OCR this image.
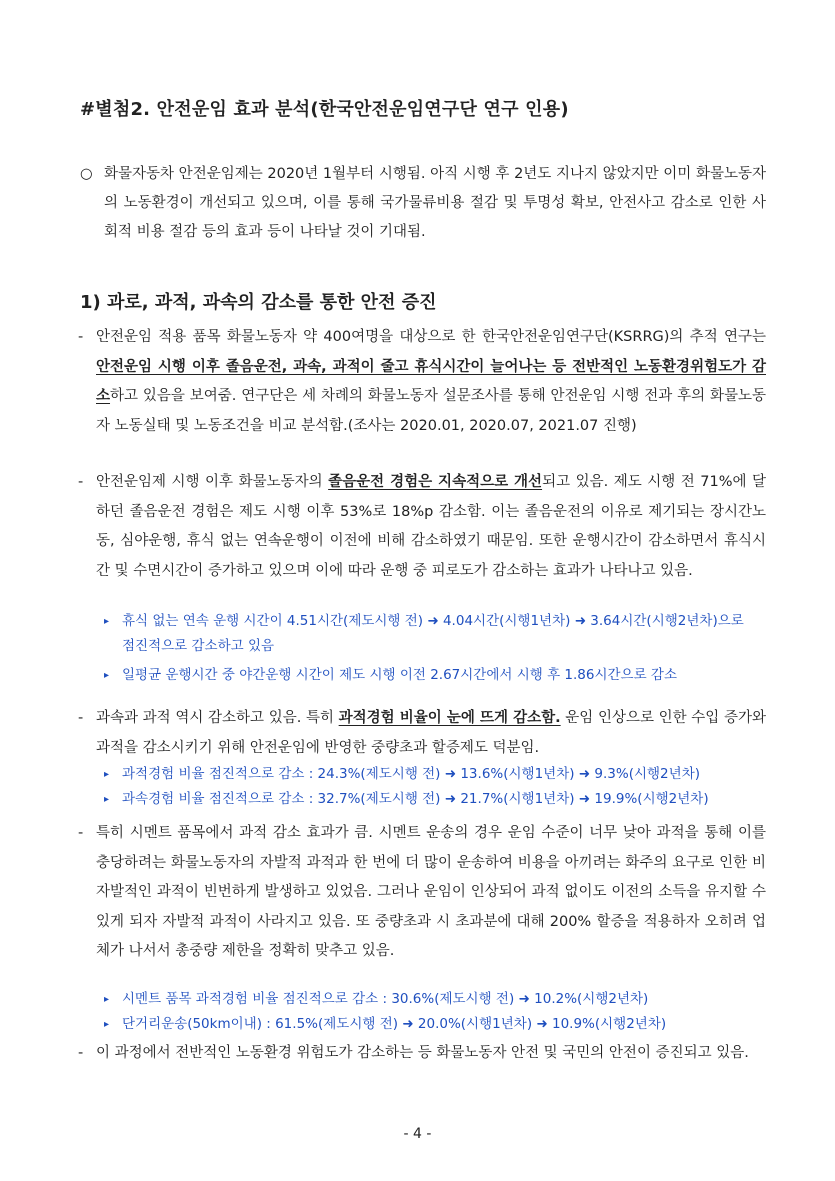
#별첨2. 안전운임 효과 분석(한국안전운임연구단 연구 인용)
○ 화물자동차 안전운임제는 2020년 1월부터 시행됨. 아직 시행 후 2년도 지나지 않았지만 이미 화물노동자의 노동환경이 개선되고 있으며, 이를 통해 국가물류비용 절감 및 투명성 확보, 안전사고 감소로 인한 사회적 비용 절감 등의 효과 등이 나타날 것이 기대됨.
1) 과로, 과적, 과속의 감소를 통한 안전 증진
- 안전운임 적용 품목 화물노동자 약 400여명을 대상으로 한 한국안전운임연구단(KSRRG)의 추적 연구는 안전운임 시행 이후 졸음운전, 과속, 과적이 줄고 휴식시간이 늘어나는 등 전반적인 노동환경위험도가 감소하고 있음을 보여줌. 연구단은 세 차례의 화물노동자 설문조사를 통해 안전운임 시행 전과 후의 화물노동자 노동실태 및 노동조건을 비교 분석함.(조사는 2020.01, 2020.07, 2021.07 진행)
- 안전운임제 시행 이후 화물노동자의 졸음운전 경험은 지속적으로 개선되고 있음. 제도 시행 전 71%에 달하던 졸음운전 경험은 제도 시행 이후 53%로 18%p 감소함. 이는 졸음운전의 이유로 제기되는 장시간노동, 심야운행, 휴식 없는 연속운행이 이전에 비해 감소하였기 때문임. 또한 운행시간이 감소하면서 휴식시간 및 수면시간이 증가하고 있으며 이에 따라 운행 중 피로도가 감소하는 효과가 나타나고 있음.
▸ 휴식 없는 연속 운행 시간이 4.51시간(제도시행 전) ➜ 4.04시간(시행1년차) ➜ 3.64시간(시행2년차)으로 점진적으로 감소하고 있음
▸ 일평균 운행시간 중 야간운행 시간이 제도 시행 이전 2.67시간에서 시행 후 1.86시간으로 감소
- 과속과 과적 역시 감소하고 있음. 특히 과적경험 비율이 눈에 뜨게 감소함. 운임 인상으로 인한 수입 증가와 과적을 감소시키기 위해 안전운임에 반영한 중량초과 할증제도 덕분임.
▸ 과적경험 비율 점진적으로 감소 : 24.3%(제도시행 전) ➜ 13.6%(시행1년차) ➜ 9.3%(시행2년차)
▸ 과속경험 비율 점진적으로 감소 : 32.7%(제도시행 전) ➜ 21.7%(시행1년차) ➜ 19.9%(시행2년차)
- 특히 시멘트 품목에서 과적 감소 효과가 큼. 시멘트 운송의 경우 운임 수준이 너무 낮아 과적을 통해 이를 충당하려는 화물노동자의 자발적 과적과 한 번에 더 많이 운송하여 비용을 아끼려는 화주의 요구로 인한 비자발적인 과적이 빈번하게 발생하고 있었음. 그러나 운임이 인상되어 과적 없이도 이전의 소득을 유지할 수 있게 되자 자발적 과적이 사라지고 있음. 또 중량초과 시 초과분에 대해 200% 할증을 적용하자 오히려 업체가 나서서 총중량 제한을 정확히 맞추고 있음.
▸ 시멘트 품목 과적경험 비율 점진적으로 감소 : 30.6%(제도시행 전) ➜ 10.2%(시행2년차)
▸ 단거리운송(50km이내) : 61.5%(제도시행 전) ➜ 20.0%(시행1년차) ➜ 10.9%(시행2년차)
- 이 과정에서 전반적인 노동환경 위험도가 감소하는 등 화물노동자 안전 및 국민의 안전이 증진되고 있음.
- 4 -
